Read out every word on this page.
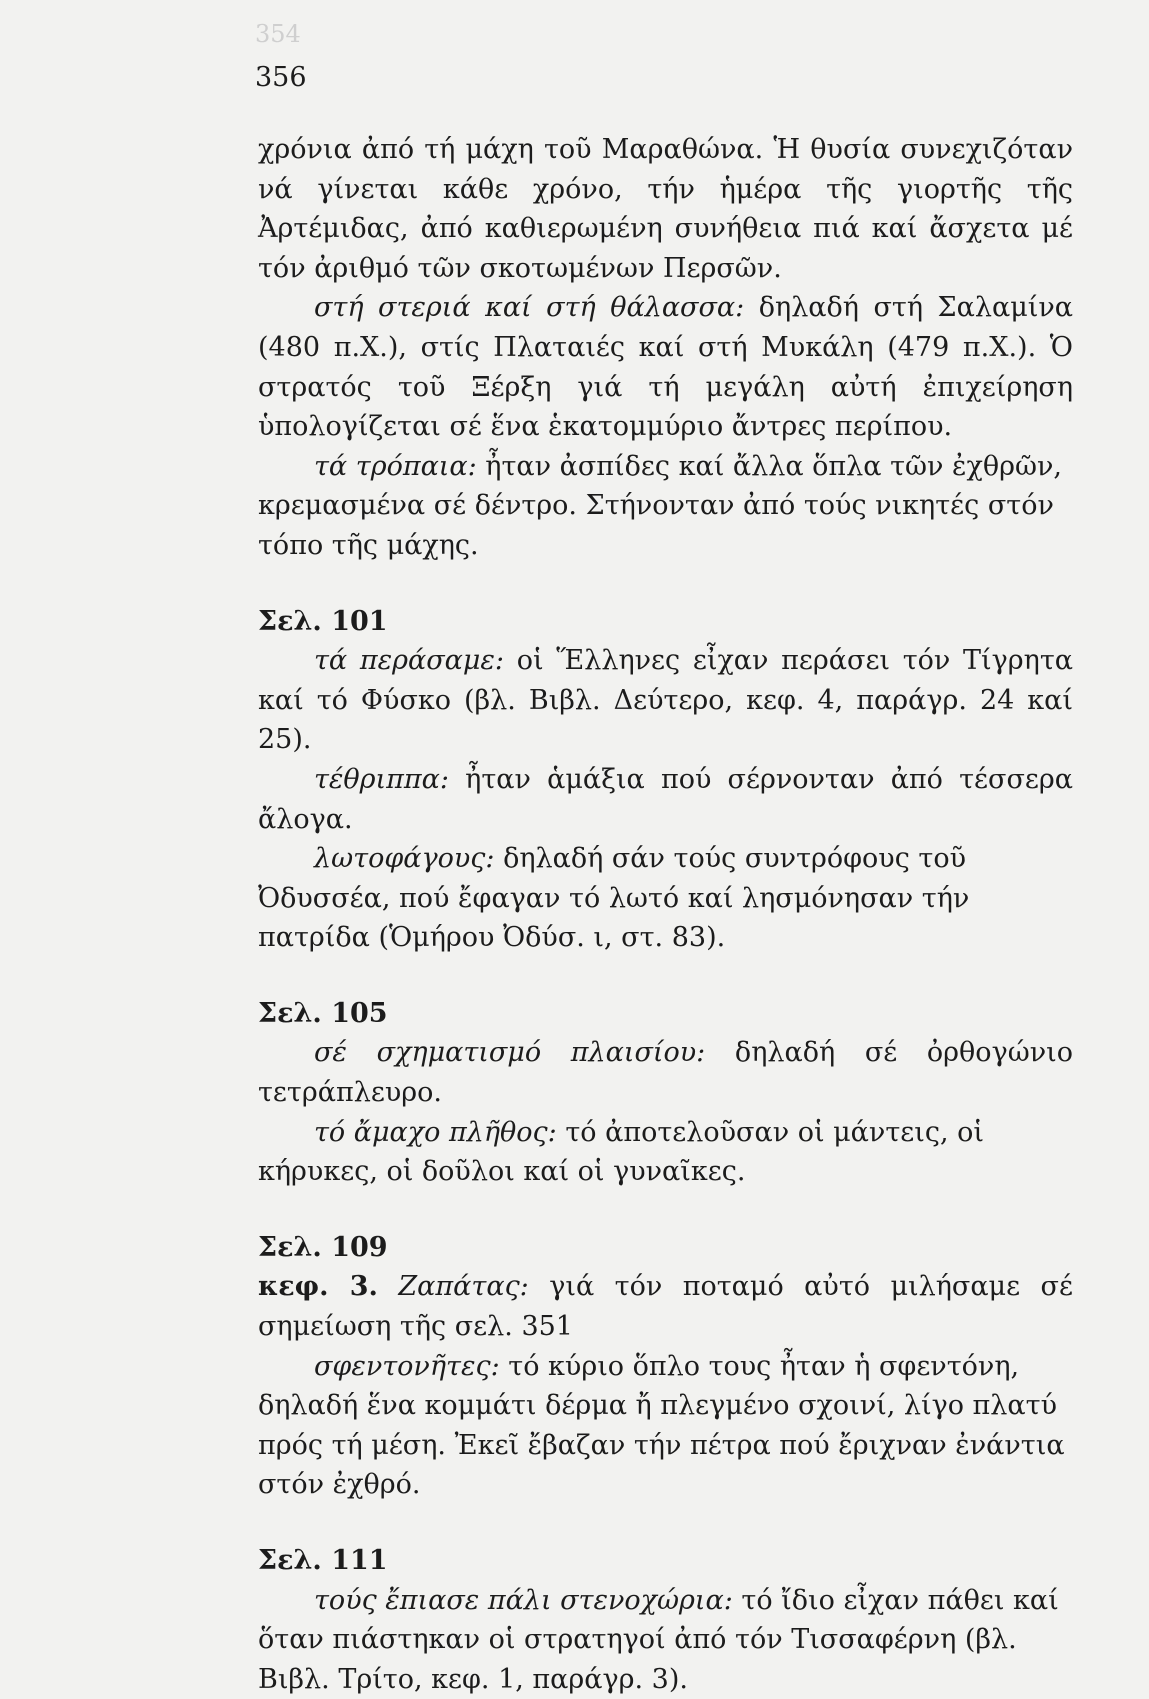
354
356

χρόνια ἀπό τή μάχη τοῦ Μαραθώνα. Ἡ θυσία συνεχιζόταν νά γίνεται κάθε χρόνο, τήν ἡμέρα τῆς γιορτῆς τῆς Ἀρτέμιδας, ἀπό καθιερωμένη συνήθεια πιά καί ἄσχετα μέ τόν ἀριθμό τῶν σκοτωμένων Περσῶν.

στή στεριά καί στή θάλασσα: δηλαδή στή Σαλαμίνα (480 π.Χ.), στίς Πλαταιές καί στή Μυκάλη (479 π.Χ.). Ὁ στρατός τοῦ Ξέρξη γιά τή μεγάλη αὐτή ἐπιχείρηση ὑπολογίζεται σέ ἕνα ἑκατομμύριο ἄντρες περίπου.

τά τρόπαια: ἦταν ἀσπίδες καί ἄλλα ὅπλα τῶν ἐχθρῶν, κρεμασμένα σέ δέντρο. Στήνονταν ἀπό τούς νικητές στόν τόπο τῆς μάχης.

Σελ. 101

τά περάσαμε: οἱ Ἕλληνες εἶχαν περάσει τόν Τίγρητα καί τό Φύσκο (βλ. Βιβλ. Δεύτερο, κεφ. 4, παράγρ. 24 καί 25).

τέθριππα: ἦταν ἁμάξια πού σέρνονταν ἀπό τέσσερα ἄλογα.

λωτοφάγους: δηλαδή σάν τούς συντρόφους τοῦ Ὀδυσσέα, πού ἔφαγαν τό λωτό καί λησμόνησαν τήν πατρίδα (Ὁμήρου Ὀδύσ. ι, στ. 83).

Σελ. 105

σέ σχηματισμό πλαισίου: δηλαδή σέ ὀρθογώνιο τετράπλευρο.

τό ἄμαχο πλῆθος: τό ἀποτελοῦσαν οἱ μάντεις, οἱ κήρυκες, οἱ δοῦλοι καί οἱ γυναῖκες.

Σελ. 109

κεφ. 3. Ζαπάτας: γιά τόν ποταμό αὐτό μιλήσαμε σέ σημείωση τῆς σελ. 351

σφεντονῆτες: τό κύριο ὅπλο τους ἦταν ἡ σφεντόνη, δηλαδή ἕνα κομμάτι δέρμα ἤ πλεγμένο σχοινί, λίγο πλατύ πρός τή μέση. Ἐκεῖ ἔβαζαν τήν πέτρα πού ἔριχναν ἐνάντια στόν ἐχθρό.

Σελ. 111

τούς ἔπιασε πάλι στενοχώρια: τό ἴδιο εἶχαν πάθει καί ὅταν πιάστηκαν οἱ στρατηγοί ἀπό τόν Τισσαφέρνη (βλ. Βιβλ. Τρίτο, κεφ. 1, παράγρ. 3).
